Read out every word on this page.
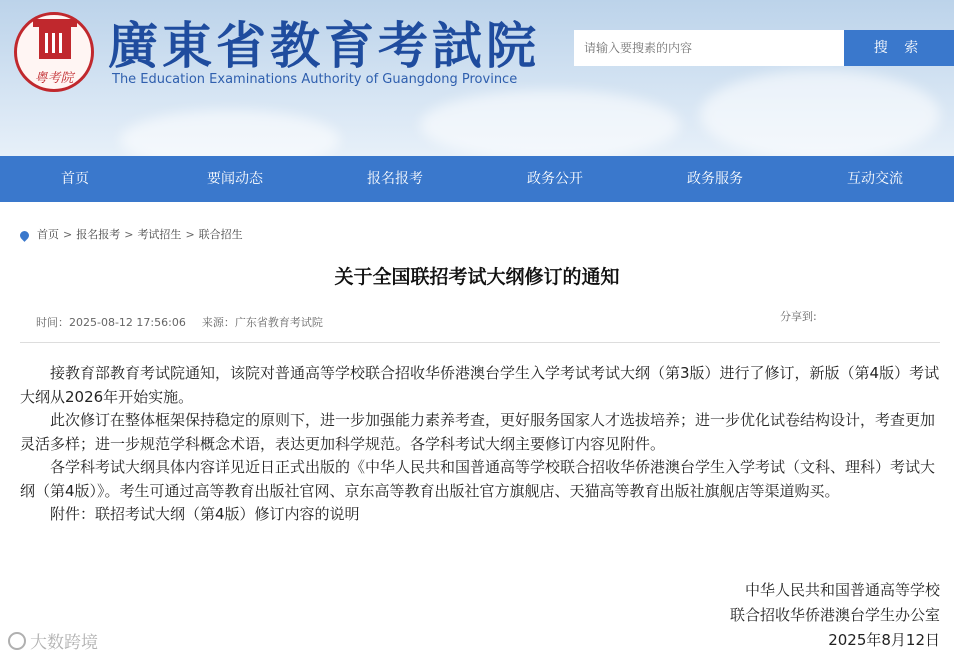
粤考院
廣東省教育考試院
The Education Examinations Authority of Guangdong Province
请输入要搜素的内容
搜 索
首页	要闻动态	报名报考	政务公开	政务服务	互动交流
首页 > 报名报考 > 考试招生 > 联合招生
关于全国联招考试大纲修订的通知
时间：2025-08-12 17:56:06 来源：广东省教育考试院	分享到:

接教育部教育考试院通知，该院对普通高等学校联合招收华侨港澳台学生入学考试考试大纲（第3版）进行了修订，新版（第4版）考试大纲从2026年开始实施。

此次修订在整体框架保持稳定的原则下，进一步加强能力素养考查，更好服务国家人才选拔培养；进一步优化试卷结构设计，考查更加灵活多样；进一步规范学科概念术语，表达更加科学规范。各学科考试大纲主要修订内容见附件。

各学科考试大纲具体内容详见近日正式出版的《中华人民共和国普通高等学校联合招收华侨港澳台学生入学考试（文科、理科）考试大纲（第4版）》。考生可通过高等教育出版社官网、京东高等教育出版社官方旗舰店、天猫高等教育出版社旗舰店等渠道购买。

附件：联招考试大纲（第4版）修订内容的说明

中华人民共和国普通高等学校
联合招收华侨港澳台学生办公室
2025年8月12日
大数跨境
